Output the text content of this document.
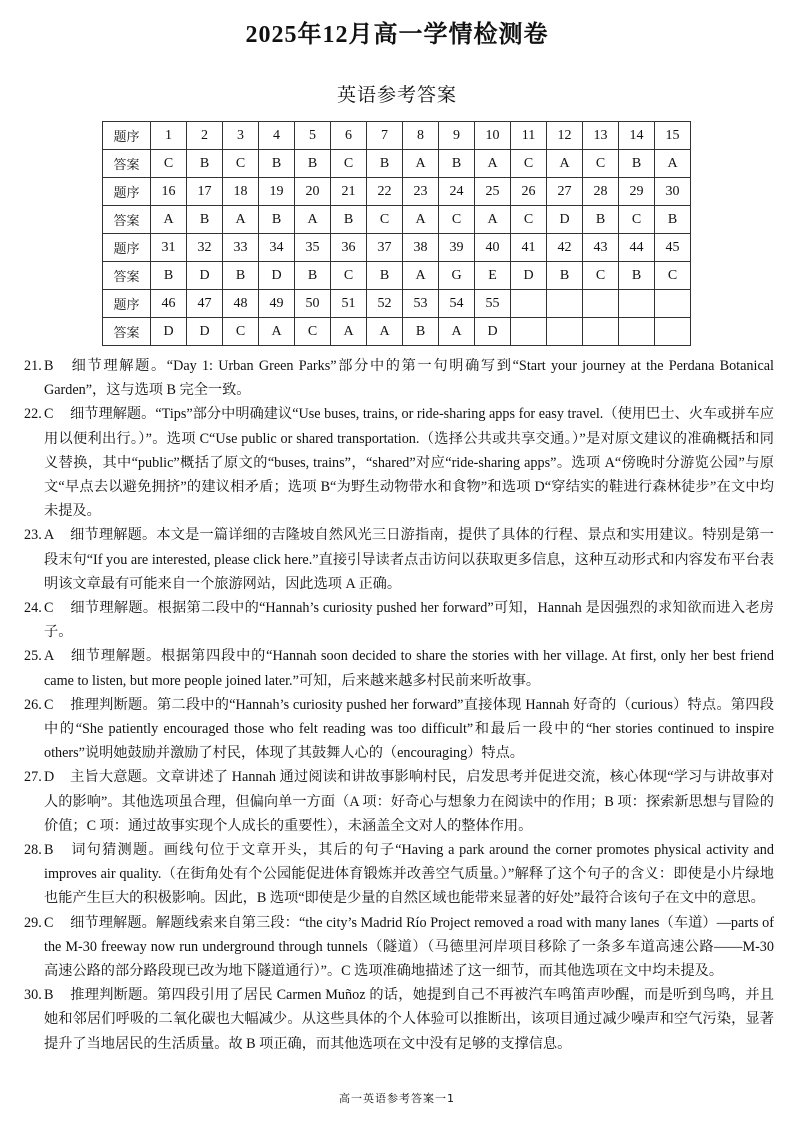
2025年12月高一学情检测卷
英语参考答案
题序	1	2	3	4	5	6	7	8	9	10	11	12	13	14	15
答案	C	B	C	B	B	C	B	A	B	A	C	A	C	B	A
题序	16	17	18	19	20	21	22	23	24	25	26	27	28	29	30
答案	A	B	A	B	A	B	C	A	C	A	C	D	B	C	B
题序	31	32	33	34	35	36	37	38	39	40	41	42	43	44	45
答案	B	D	B	D	B	C	B	A	G	E	D	B	C	B	C
题序	46	47	48	49	50	51	52	53	54	55					
答案	D	D	C	A	C	A	A	B	A	D					

21. B 细节理解题。“Day 1: Urban Green Parks”部分中的第一句明确写到“Start your journey at the Perdana Botanical Garden”，这与选项 B 完全一致。

22. C 细节理解题。“Tips”部分中明确建议“Use buses, trains, or ride-sharing apps for easy travel.（使用巴士、火车或拼车应用以便利出行。）”。选项 C“Use public or shared transportation.（选择公共或共享交通。）”是对原文建议的准确概括和同义替换，其中“public”概括了原文的“buses, trains”，“shared”对应“ride-sharing apps”。选项 A“傍晚时分游览公园”与原文“早点去以避免拥挤”的建议相矛盾；选项 B“为野生动物带水和食物”和选项 D“穿结实的鞋进行森林徒步”在文中均未提及。

23. A 细节理解题。本文是一篇详细的吉隆坡自然风光三日游指南，提供了具体的行程、景点和实用建议。特别是第一段末句“If you are interested, please click here.”直接引导读者点击访问以获取更多信息，这种互动形式和内容发布平台表明该文章最有可能来自一个旅游网站，因此选项 A 正确。

24. C 细节理解题。根据第二段中的“Hannah’s curiosity pushed her forward”可知，Hannah 是因强烈的求知欲而进入老房子。

25. A 细节理解题。根据第四段中的“Hannah soon decided to share the stories with her village. At first, only her best friend came to listen, but more people joined later.”可知，后来越来越多村民前来听故事。

26. C 推理判断题。第二段中的“Hannah’s curiosity pushed her forward”直接体现 Hannah 好奇的（curious）特点。第四段中的“She patiently encouraged those who felt reading was too difficult”和最后一段中的“her stories continued to inspire others”说明她鼓励并激励了村民，体现了其鼓舞人心的（encouraging）特点。

27. D 主旨大意题。文章讲述了 Hannah 通过阅读和讲故事影响村民，启发思考并促进交流，核心体现“学习与讲故事对人的影响”。其他选项虽合理，但偏向单一方面（A 项：好奇心与想象力在阅读中的作用；B 项：探索新思想与冒险的价值；C 项：通过故事实现个人成长的重要性），未涵盖全文对人的整体作用。

28. B 词句猜测题。画线句位于文章开头，其后的句子“Having a park around the corner promotes physical activity and improves air quality.（在街角处有个公园能促进体育锻炼并改善空气质量。）”解释了这个句子的含义：即使是小片绿地也能产生巨大的积极影响。因此，B 选项“即使是少量的自然区域也能带来显著的好处”最符合该句子在文中的意思。

29. C 细节理解题。解题线索来自第三段：“the city’s Madrid Río Project removed a road with many lanes（车道）—parts of the M-30 freeway now run underground through tunnels（隧道）（马德里河岸项目移除了一条多车道高速公路——M-30 高速公路的部分路段现已改为地下隧道通行）”。C 选项准确地描述了这一细节，而其他选项在文中均未提及。

30. B 推理判断题。第四段引用了居民 Carmen Muñoz 的话，她提到自己不再被汽车鸣笛声吵醒，而是听到鸟鸣，并且她和邻居们呼吸的二氧化碳也大幅减少。从这些具体的个人体验可以推断出，该项目通过减少噪声和空气污染，显著提升了当地居民的生活质量。故 B 项正确，而其他选项在文中没有足够的支撑信息。

高一英语参考答案一1
